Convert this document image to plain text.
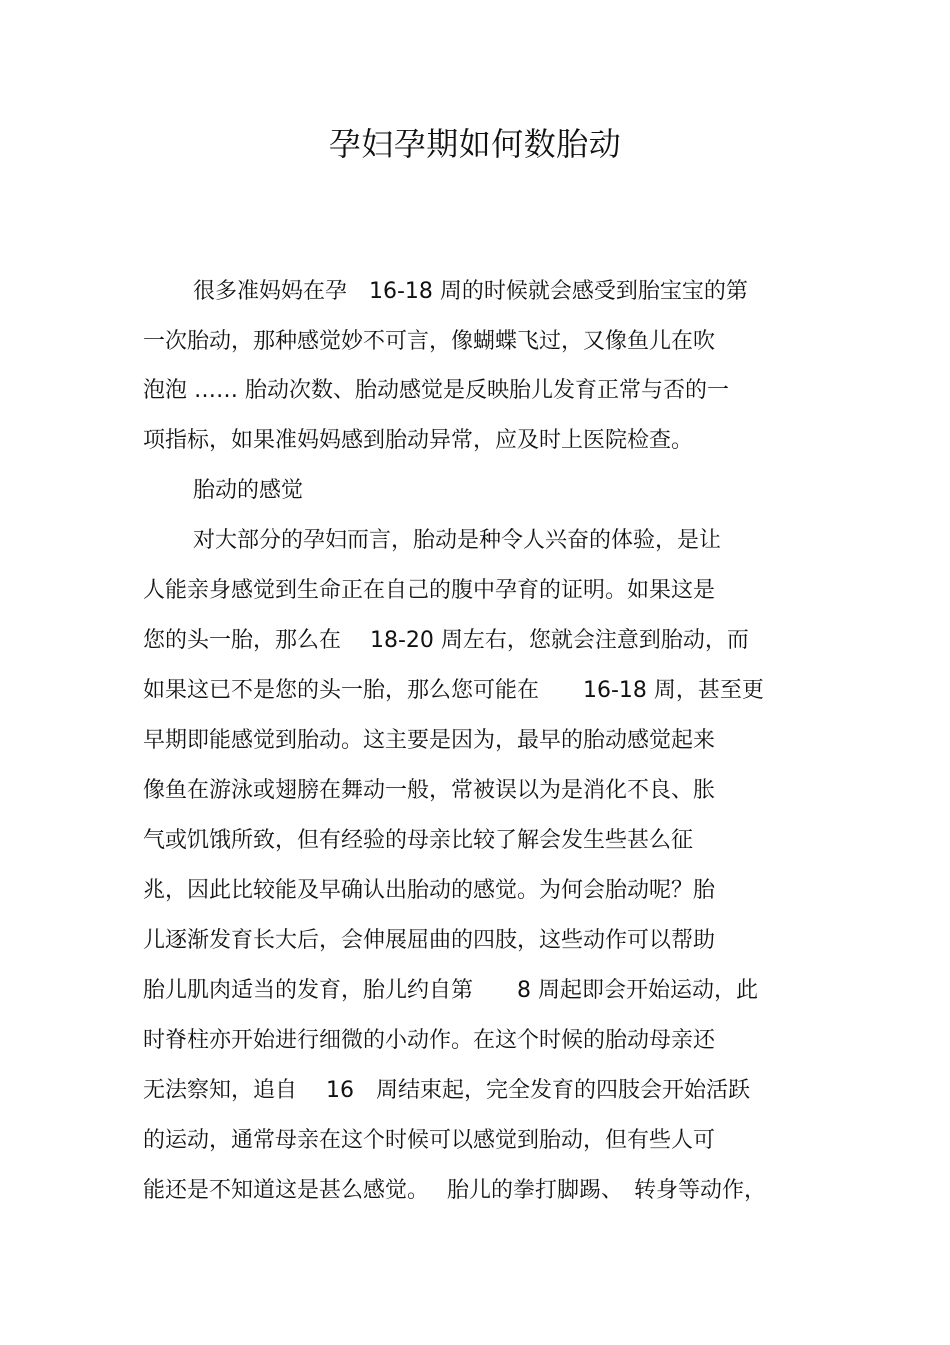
孕妇孕期如何数胎动

很多准妈妈在孕　16-18 周的时候就会感受到胎宝宝的第

一次胎动，那种感觉妙不可言，像蝴蝶飞过，又像鱼儿在吹

泡泡 …… 胎动次数、胎动感觉是反映胎儿发育正常与否的一

项指标，如果准妈妈感到胎动异常，应及时上医院检查。

胎动的感觉

对大部分的孕妇而言，胎动是种令人兴奋的体验，是让

人能亲身感觉到生命正在自己的腹中孕育的证明。如果这是

您的头一胎，那么在　 18-20 周左右，您就会注意到胎动，而

如果这已不是您的头一胎，那么您可能在　　16-18 周，甚至更

早期即能感觉到胎动。这主要是因为，最早的胎动感觉起来

像鱼在游泳或翅膀在舞动一般，常被误以为是消化不良、胀

气或饥饿所致，但有经验的母亲比较了解会发生些甚么征

兆，因此比较能及早确认出胎动的感觉。为何会胎动呢？胎

儿逐渐发育长大后，会伸展屈曲的四肢，这些动作可以帮助

胎儿肌肉适当的发育，胎儿约自第　　8 周起即会开始运动，此

时脊柱亦开始进行细微的小动作。在这个时候的胎动母亲还

无法察知，追自　 16　周结束起，完全发育的四肢会开始活跃

的运动，通常母亲在这个时候可以感觉到胎动，但有些人可

能还是不知道这是甚么感觉。　 胎儿的拳打脚踢、　转身等动作，
